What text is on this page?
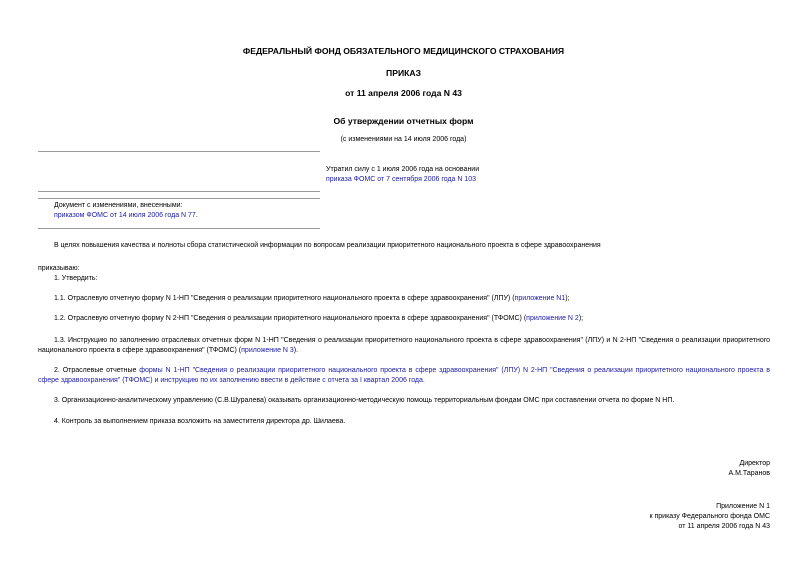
ФЕДЕРАЛЬНЫЙ ФОНД ОБЯЗАТЕЛЬНОГО МЕДИЦИНСКОГО СТРАХОВАНИЯ
ПРИКАЗ
от 11 апреля 2006 года N 43
Об утверждении отчетных форм
(с изменениями на 14 июля 2006 года)
Утратил силу с 1 июля 2006 года на основании
приказа ФОМС от 7 сентября 2006 года N 103
Документ с изменениями, внесенными:
приказом ФОМС от 14 июля 2006 года N 77.
В целях повышения качества и полноты сбора статистической информации по вопросам реализации приоритетного национального проекта в сфере здравоохранения
приказываю:
1. Утвердить:
1.1. Отраслевую отчетную форму N 1-НП "Сведения о реализации приоритетного национального проекта в сфере здравоохранения" (ЛПУ) (приложение N1);
1.2. Отраслевую отчетную форму N 2-НП "Сведения о реализации приоритетного национального проекта в сфере здравоохранения" (ТФОМС) (приложение N 2);
1.3. Инструкцию по заполнению отраслевых отчетных форм N 1-НП "Сведения о реализации приоритетного национального проекта в сфере здравоохранения" (ЛПУ) и N 2-НП "Сведения о реализации приоритетного национального проекта в сфере здравоохранения" (ТФОМС) (приложение N 3).
2. Отраслевые отчетные формы N 1-НП "Сведения о реализации приоритетного национального проекта в сфере здравоохранения" (ЛПУ) N 2-НП "Сведения о реализации приоритетного национального проекта в сфере здравоохранения" (ТФОМС) и инструкцию по их заполнению ввести в действие с отчета за I квартал 2006 года.
3. Организационно-аналитическому управлению (С.В.Шуралева) оказывать организационно-методическую помощь территориальным фондам ОМС при составлении отчета по форме N НП.
4. Контроль за выполнением приказа возложить на заместителя директора др. Шилаева.
Директор
А.М.Таранов
Приложение N 1
к приказу Федерального фонда ОМС
от 11 апреля 2006 года N 43
